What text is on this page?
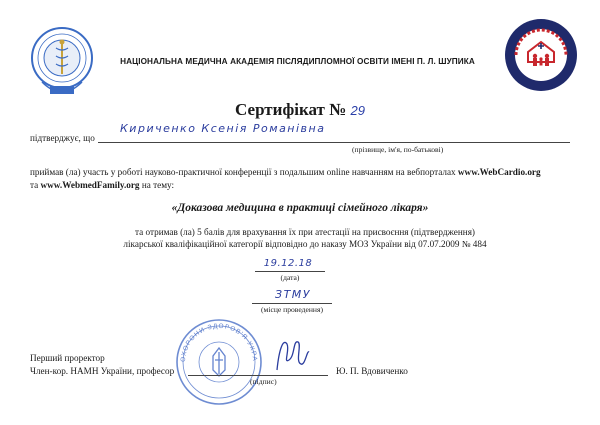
НАЦІОНАЛЬНА МЕДИЧНА АКАДЕМІЯ ПІСЛЯДИПЛОМНОЇ ОСВІТИ ІМЕНІ П. Л. ШУПИКА
Сертифікат № 29
підтверджує, що
Кириченко Ксенія Романівна
(прізвище, ім'я, по-батькові)
приймав (ла) участь у роботі науково-практичної конференції з подальшим online навчанням на вебпорталах www.WebCardio.org
та www.WebmedFamily.org на тему:
«Доказова медицина в практиці сімейного лікаря»
та отримав (ла) 5 балів для врахування їх при атестації на присвоєння (підтвердження)
лікарської кваліфікаційної категорії відповідно до наказу МОЗ України від 07.07.2009 № 484
19.12.18
(дата)
ЗТМУ
(місце проведення)
ОХОРОНИ ЗДОРОВ'Я УКРА
Перший проректор
Член-кор. НАМН України, професор
(підпис)
Ю. П. Вдовиченко
